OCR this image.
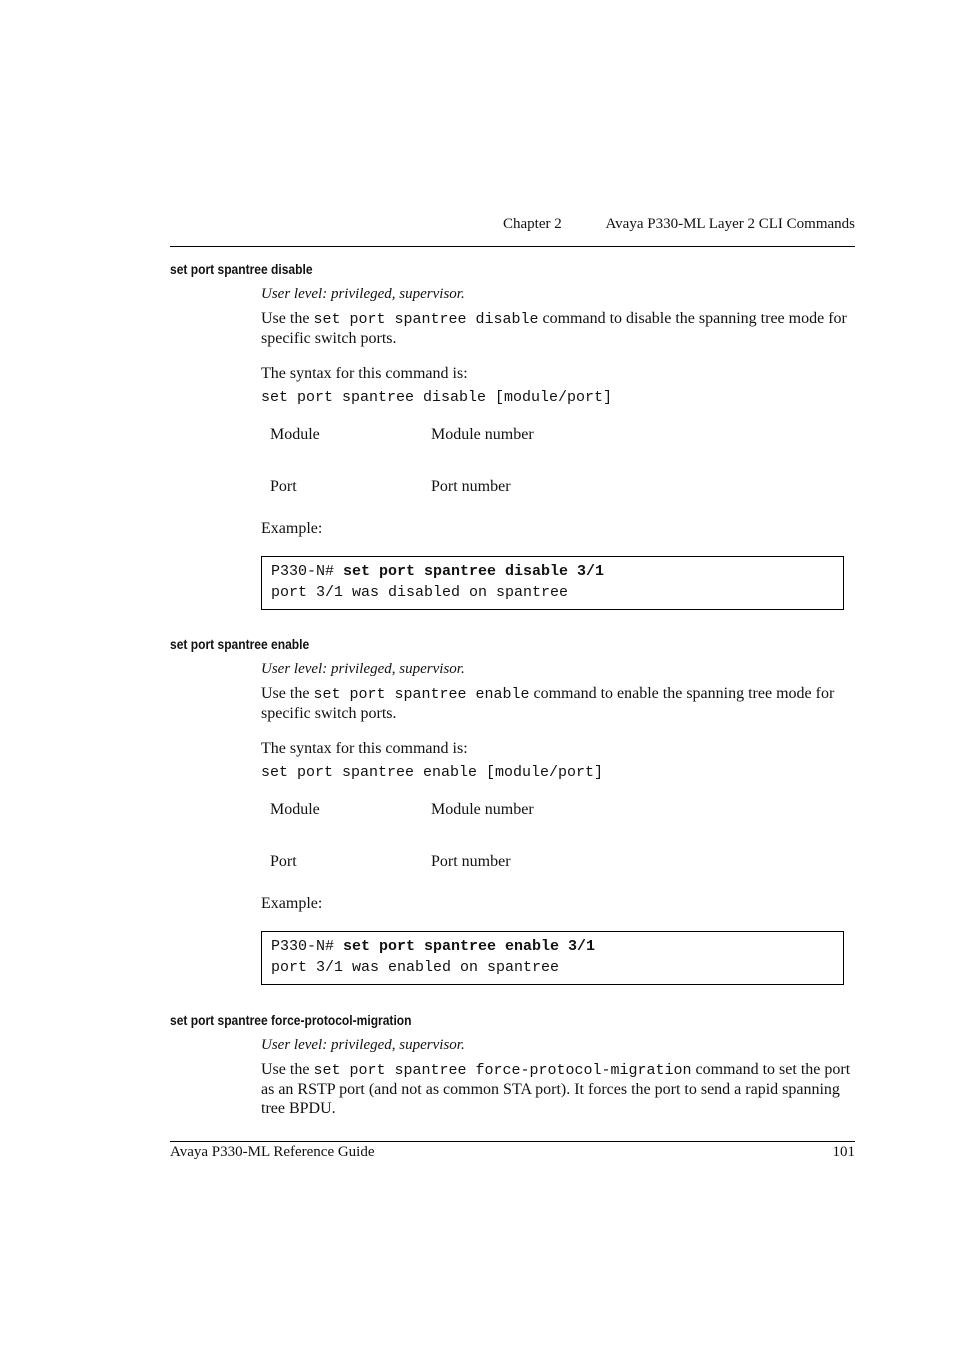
Chapter 2	Avaya P330-ML Layer 2 CLI Commands
set port spantree disable
User level: privileged, supervisor.
Use the set port spantree disable command to disable the spanning tree mode for specific switch ports.
The syntax for this command is:
set port spantree disable [module/port]
Module	Module number
Port	Port number
Example:
P330-N# set port spantree disable 3/1
port 3/1 was disabled on spantree
set port spantree enable
User level: privileged, supervisor.
Use the set port spantree enable command to enable the spanning tree mode for specific switch ports.
The syntax for this command is:
set port spantree enable [module/port]
Module	Module number
Port	Port number
Example:
P330-N# set port spantree enable 3/1
port 3/1 was enabled on spantree
set port spantree force-protocol-migration
User level: privileged, supervisor.
Use the set port spantree force-protocol-migration command to set the port as an RSTP port (and not as common STA port). It forces the port to send a rapid spanning tree BPDU.
Avaya P330-ML Reference Guide	101
